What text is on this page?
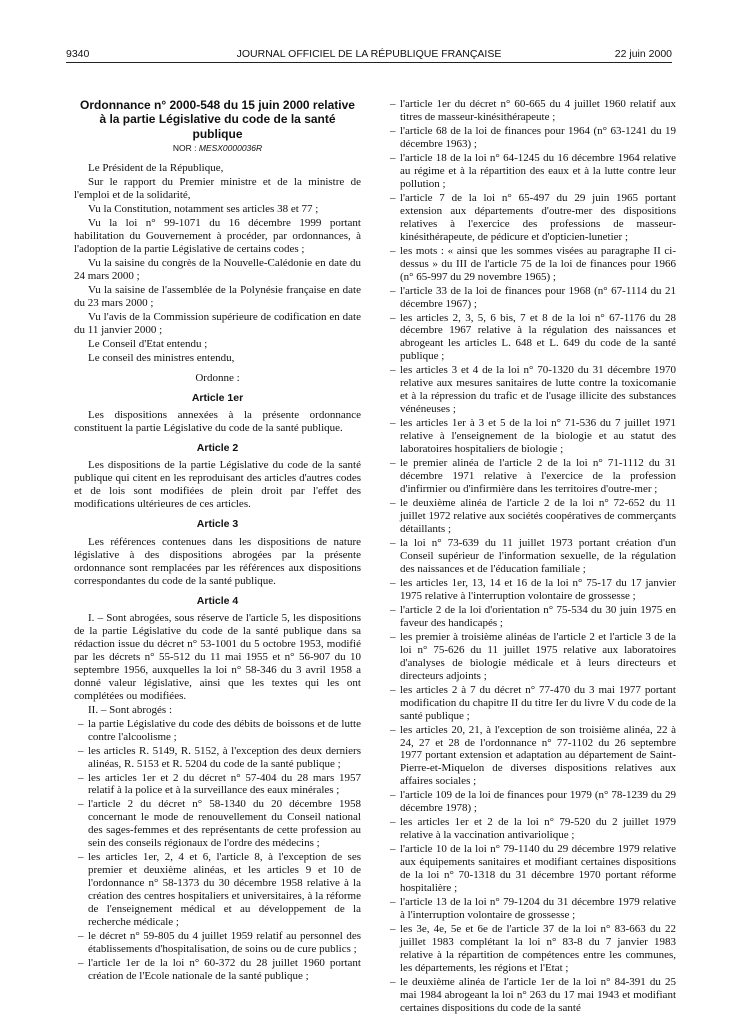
9340	JOURNAL OFFICIEL DE LA RÉPUBLIQUE FRANÇAISE	22 juin 2000

Ordonnance n° 2000-548 du 15 juin 2000 relative

à la partie Législative du code de la santé publique

NOR : MESX0000036R

Le Président de la République,

Sur le rapport du Premier ministre et de la ministre de l'emploi et de la solidarité,

Vu la Constitution, notamment ses articles 38 et 77 ;

Vu la loi n° 99-1071 du 16 décembre 1999 portant habilitation du Gouvernement à procéder, par ordonnances, à l'adoption de la partie Législative de certains codes ;

Vu la saisine du congrès de la Nouvelle-Calédonie en date du 24 mars 2000 ;

Vu la saisine de l'assemblée de la Polynésie française en date du 23 mars 2000 ;

Vu l'avis de la Commission supérieure de codification en date du 11 janvier 2000 ;

Le Conseil d'Etat entendu ;

Le conseil des ministres entendu,

Ordonne :

Article 1er

Les dispositions annexées à la présente ordonnance constituent la partie Législative du code de la santé publique.

Article 2

Les dispositions de la partie Législative du code de la santé publique qui citent en les reproduisant des articles d'autres codes et de lois sont modifiées de plein droit par l'effet des modifications ultérieures de ces articles.

Article 3

Les références contenues dans les dispositions de nature législative à des dispositions abrogées par la présente ordonnance sont remplacées par les références aux dispositions correspondantes du code de la santé publique.

Article 4

I. – Sont abrogées, sous réserve de l'article 5, les dispositions de la partie Législative du code de la santé publique dans sa rédaction issue du décret n° 53-1001 du 5 octobre 1953, modifié par les décrets n° 55-512 du 11 mai 1955 et n° 56-907 du 10 septembre 1956, auxquelles la loi n° 58-346 du 3 avril 1958 a donné valeur législative, ainsi que les textes qui les ont complétées ou modifiées.

II. – Sont abrogés :

– la partie Législative du code des débits de boissons et de lutte contre l'alcoolisme ;
– les articles R. 5149, R. 5152, à l'exception des deux derniers alinéas, R. 5153 et R. 5204 du code de la santé publique ;
– les articles 1er et 2 du décret n° 57-404 du 28 mars 1957 relatif à la police et à la surveillance des eaux minérales ;
– l'article 2 du décret n° 58-1340 du 20 décembre 1958 concernant le mode de renouvellement du Conseil national des sages-femmes et des représentants de cette profession au sein des conseils régionaux de l'ordre des médecins ;
– les articles 1er, 2, 4 et 6, l'article 8, à l'exception de ses premier et deuxième alinéas, et les articles 9 et 10 de l'ordonnance n° 58-1373 du 30 décembre 1958 relative à la création des centres hospitaliers et universitaires, à la réforme de l'enseignement médical et au développement de la recherche médicale ;
– le décret n° 59-805 du 4 juillet 1959 relatif au personnel des établissements d'hospitalisation, de soins ou de cure publics ;
– l'article 1er de la loi n° 60-372 du 28 juillet 1960 portant création de l'Ecole nationale de la santé publique ;
– l'article 1er du décret n° 60-665 du 4 juillet 1960 relatif aux titres de masseur-kinésithérapeute ;
– l'article 68 de la loi de finances pour 1964 (n° 63-1241 du 19 décembre 1963) ;
– l'article 18 de la loi n° 64-1245 du 16 décembre 1964 relative au régime et à la répartition des eaux et à la lutte contre leur pollution ;
– l'article 7 de la loi n° 65-497 du 29 juin 1965 portant extension aux départements d'outre-mer des dispositions relatives à l'exercice des professions de masseur-kinésithérapeute, de pédicure et d'opticien-lunetier ;
– les mots : « ainsi que les sommes visées au paragraphe II ci-dessus » du III de l'article 75 de la loi de finances pour 1966 (n° 65-997 du 29 novembre 1965) ;
– l'article 33 de la loi de finances pour 1968 (n° 67-1114 du 21 décembre 1967) ;
– les articles 2, 3, 5, 6 bis, 7 et 8 de la loi n° 67-1176 du 28 décembre 1967 relative à la régulation des naissances et abrogeant les articles L. 648 et L. 649 du code de la santé publique ;
– les articles 3 et 4 de la loi n° 70-1320 du 31 décembre 1970 relative aux mesures sanitaires de lutte contre la toxicomanie et à la répression du trafic et de l'usage illicite des substances vénéneuses ;
– les articles 1er à 3 et 5 de la loi n° 71-536 du 7 juillet 1971 relative à l'enseignement de la biologie et au statut des laboratoires hospitaliers de biologie ;
– le premier alinéa de l'article 2 de la loi n° 71-1112 du 31 décembre 1971 relative à l'exercice de la profession d'infirmier ou d'infirmière dans les territoires d'outre-mer ;
– le deuxième alinéa de l'article 2 de la loi n° 72-652 du 11 juillet 1972 relative aux sociétés coopératives de commerçants détaillants ;
– la loi n° 73-639 du 11 juillet 1973 portant création d'un Conseil supérieur de l'information sexuelle, de la régulation des naissances et de l'éducation familiale ;
– les articles 1er, 13, 14 et 16 de la loi n° 75-17 du 17 janvier 1975 relative à l'interruption volontaire de grossesse ;
– l'article 2 de la loi d'orientation n° 75-534 du 30 juin 1975 en faveur des handicapés ;
– les premier à troisième alinéas de l'article 2 et l'article 3 de la loi n° 75-626 du 11 juillet 1975 relative aux laboratoires d'analyses de biologie médicale et à leurs directeurs et directeurs adjoints ;
– les articles 2 à 7 du décret n° 77-470 du 3 mai 1977 portant modification du chapitre II du titre Ier du livre V du code de la santé publique ;
– les articles 20, 21, à l'exception de son troisième alinéa, 22 à 24, 27 et 28 de l'ordonnance n° 77-1102 du 26 septembre 1977 portant extension et adaptation au département de Saint-Pierre-et-Miquelon de diverses dispositions relatives aux affaires sociales ;
– l'article 109 de la loi de finances pour 1979 (n° 78-1239 du 29 décembre 1978) ;
– les articles 1er et 2 de la loi n° 79-520 du 2 juillet 1979 relative à la vaccination antivariolique ;
– l'article 10 de la loi n° 79-1140 du 29 décembre 1979 relative aux équipements sanitaires et modifiant certaines dispositions de la loi n° 70-1318 du 31 décembre 1970 portant réforme hospitalière ;
– l'article 13 de la loi n° 79-1204 du 31 décembre 1979 relative à l'interruption volontaire de grossesse ;
– les 3e, 4e, 5e et 6e de l'article 37 de la loi n° 83-663 du 22 juillet 1983 complétant la loi n° 83-8 du 7 janvier 1983 relative à la répartition de compétences entre les communes, les départements, les régions et l'Etat ;
– le deuxième alinéa de l'article 1er de la loi n° 84-391 du 25 mai 1984 abrogeant la loi n° 263 du 17 mai 1943 et modifiant certaines dispositions du code de la santé
